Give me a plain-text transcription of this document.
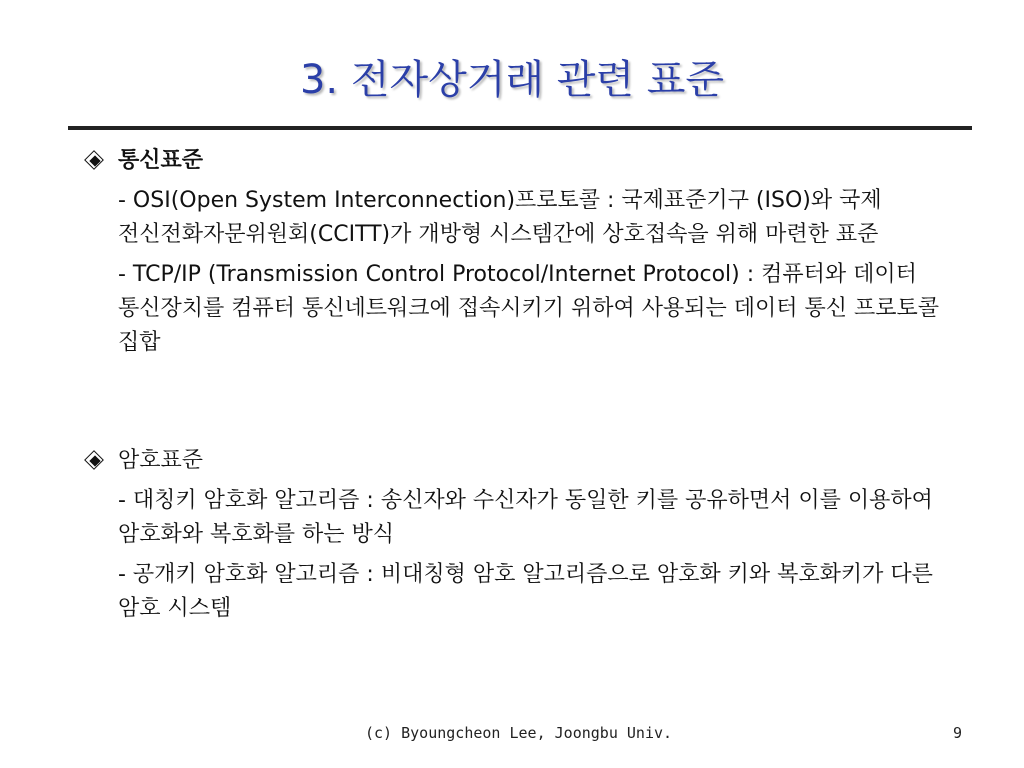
3. 전자상거래 관련 표준
통신표준
- OSI(Open System Interconnection)프로토콜 : 국제표준기구 (ISO)와 국제 전신전화자문위원회(CCITT)가 개방형 시스템간에 상호접속을 위해 마련한 표준
- TCP/IP (Transmission Control Protocol/Internet Protocol) : 컴퓨터와 데이터 통신장치를 컴퓨터 통신네트워크에 접속시키기 위하여 사용되는 데이터 통신 프로토콜 집합
암호표준
- 대칭키 암호화 알고리즘 : 송신자와 수신자가 동일한 키를 공유하면서 이를 이용하여 암호화와 복호화를 하는 방식
- 공개키 암호화 알고리즘 : 비대칭형 암호 알고리즘으로 암호화 키와 복호화키가 다른 암호 시스템
(c) Byoungcheon Lee, Joongbu Univ.	9
